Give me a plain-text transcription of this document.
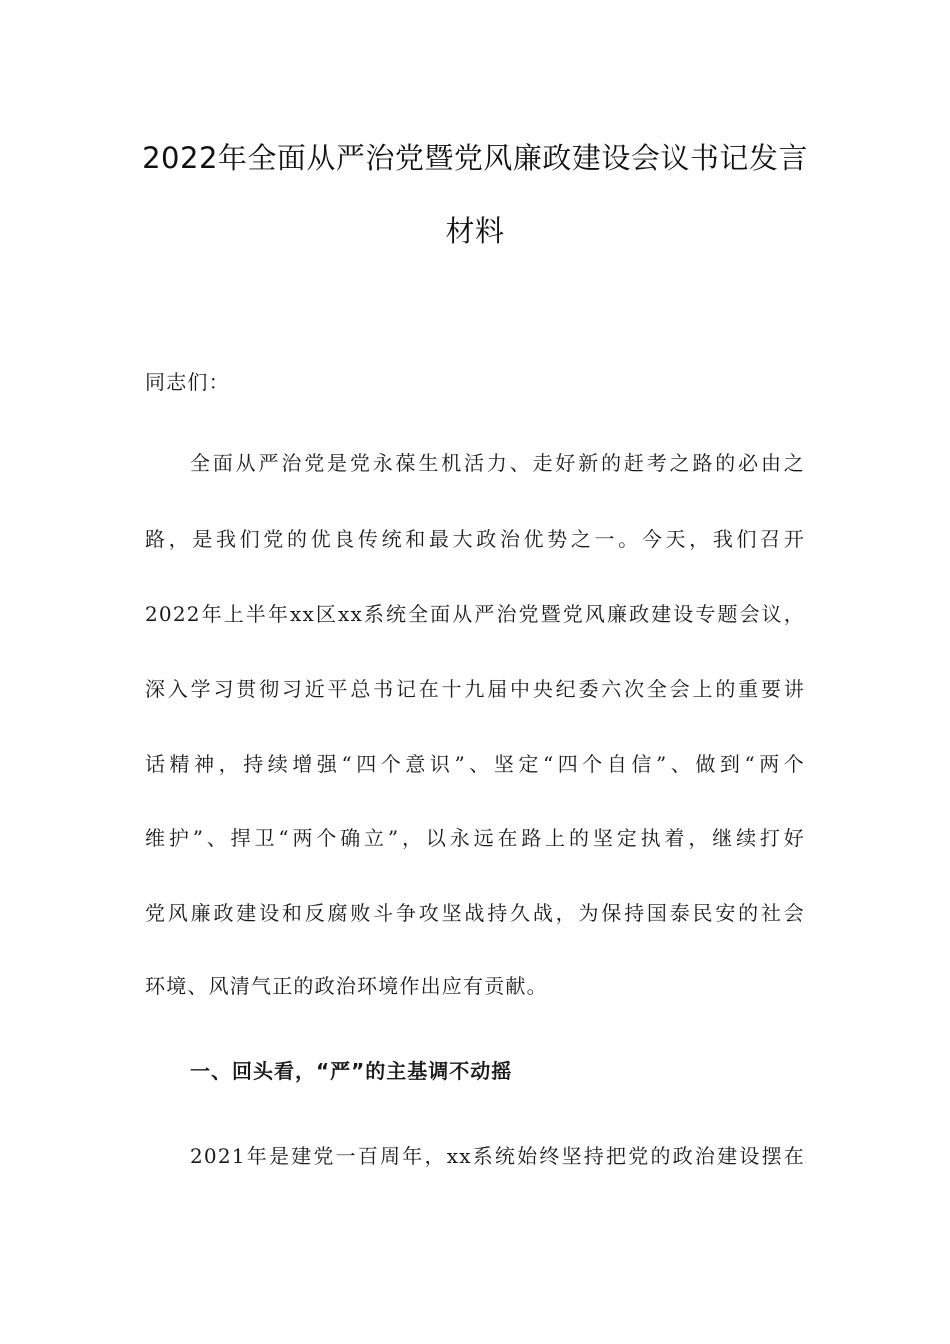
2022年全面从严治党暨党风廉政建设会议书记发言
材料
同志们：
全面从严治党是党永葆生机活力、走好新的赶考之路的必由之
路，是我们党的优良传统和最大政治优势之一。今天，我们召开
2022年上半年xx区xx系统全面从严治党暨党风廉政建设专题会议，
深入学习贯彻习近平总书记在十九届中央纪委六次全会上的重要讲
话精神，持续增强“四个意识”、坚定“四个自信”、做到“两个
维护”、捍卫“两个确立”，以永远在路上的坚定执着，继续打好
党风廉政建设和反腐败斗争攻坚战持久战，为保持国泰民安的社会
环境、风清气正的政治环境作出应有贡献。
一、回头看，“严”的主基调不动摇
2021年是建党一百周年，xx系统始终坚持把党的政治建设摆在
